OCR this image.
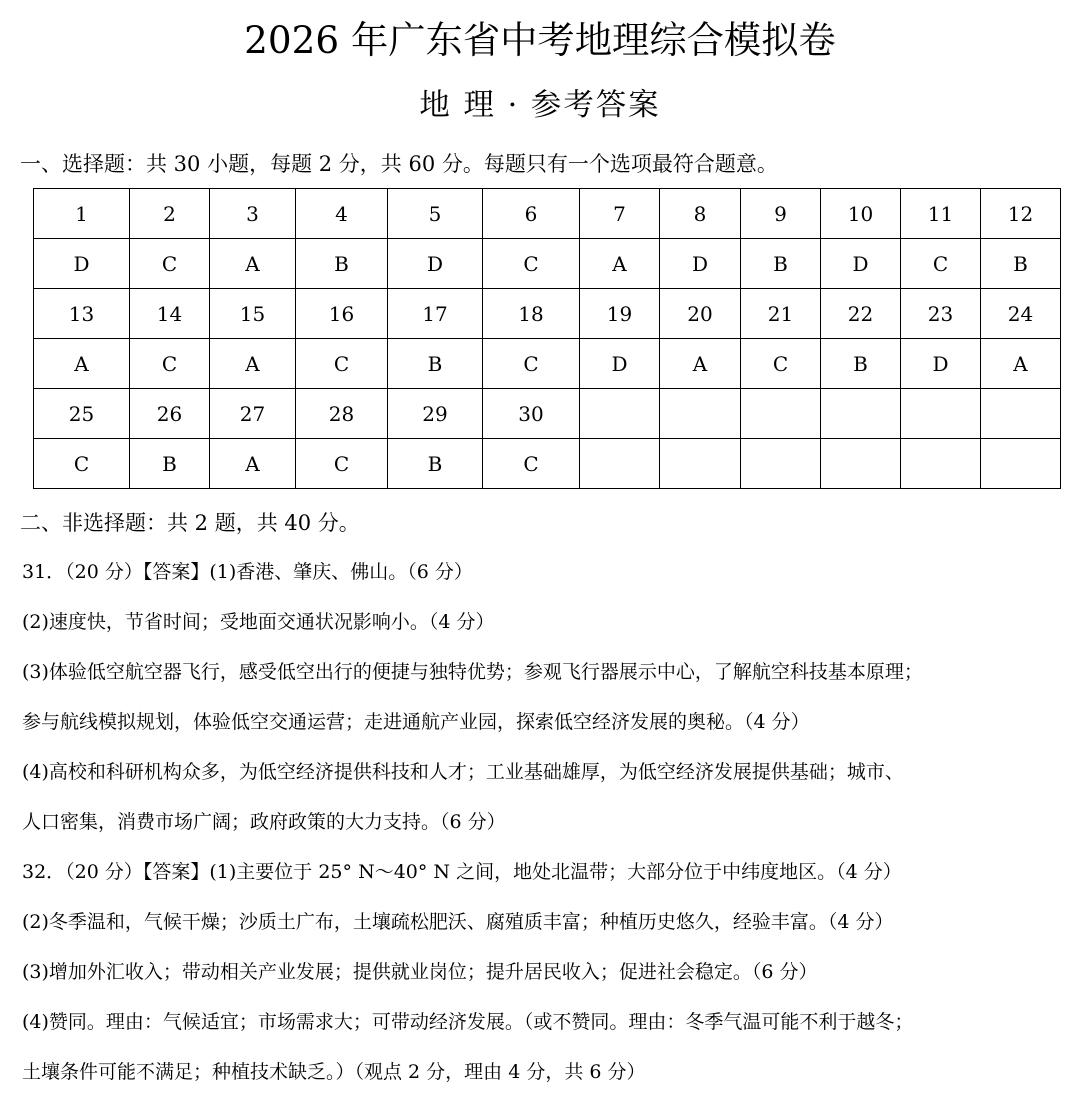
2026 年广东省中考地理综合模拟卷
地 理 · 参考答案
一、选择题：共 30 小题，每题 2 分，共 60 分。每题只有一个选项最符合题意。
1	2	3	4	5	6	7	8	9	10	11	12
D	C	A	B	D	C	A	D	B	D	C	B
13	14	15	16	17	18	19	20	21	22	23	24
A	C	A	C	B	C	D	A	C	B	D	A
25	26	27	28	29	30						
C	B	A	C	B	C						
二、非选择题：共 2 题，共 40 分。
31．（20 分）【答案】(1)香港、肇庆、佛山。（6 分）
(2)速度快，节省时间；受地面交通状况影响小。（4 分）
(3)体验低空航空器飞行，感受低空出行的便捷与独特优势；参观飞行器展示中心，了解航空科技基本原理；
参与航线模拟规划，体验低空交通运营；走进通航产业园，探索低空经济发展的奥秘。（4 分）
(4)高校和科研机构众多，为低空经济提供科技和人才；工业基础雄厚，为低空经济发展提供基础；城市、
人口密集，消费市场广阔；政府政策的大力支持。（6 分）
32．（20 分）【答案】(1)主要位于 25° N～40° N 之间，地处北温带；大部分位于中纬度地区。（4 分）
(2)冬季温和，气候干燥；沙质土广布，土壤疏松肥沃、腐殖质丰富；种植历史悠久，经验丰富。（4 分）
(3)增加外汇收入；带动相关产业发展；提供就业岗位；提升居民收入；促进社会稳定。（6 分）
(4)赞同。理由：气候适宜；市场需求大；可带动经济发展。（或不赞同。理由：冬季气温可能不利于越冬；
土壤条件可能不满足；种植技术缺乏。）（观点 2 分，理由 4 分，共 6 分）
